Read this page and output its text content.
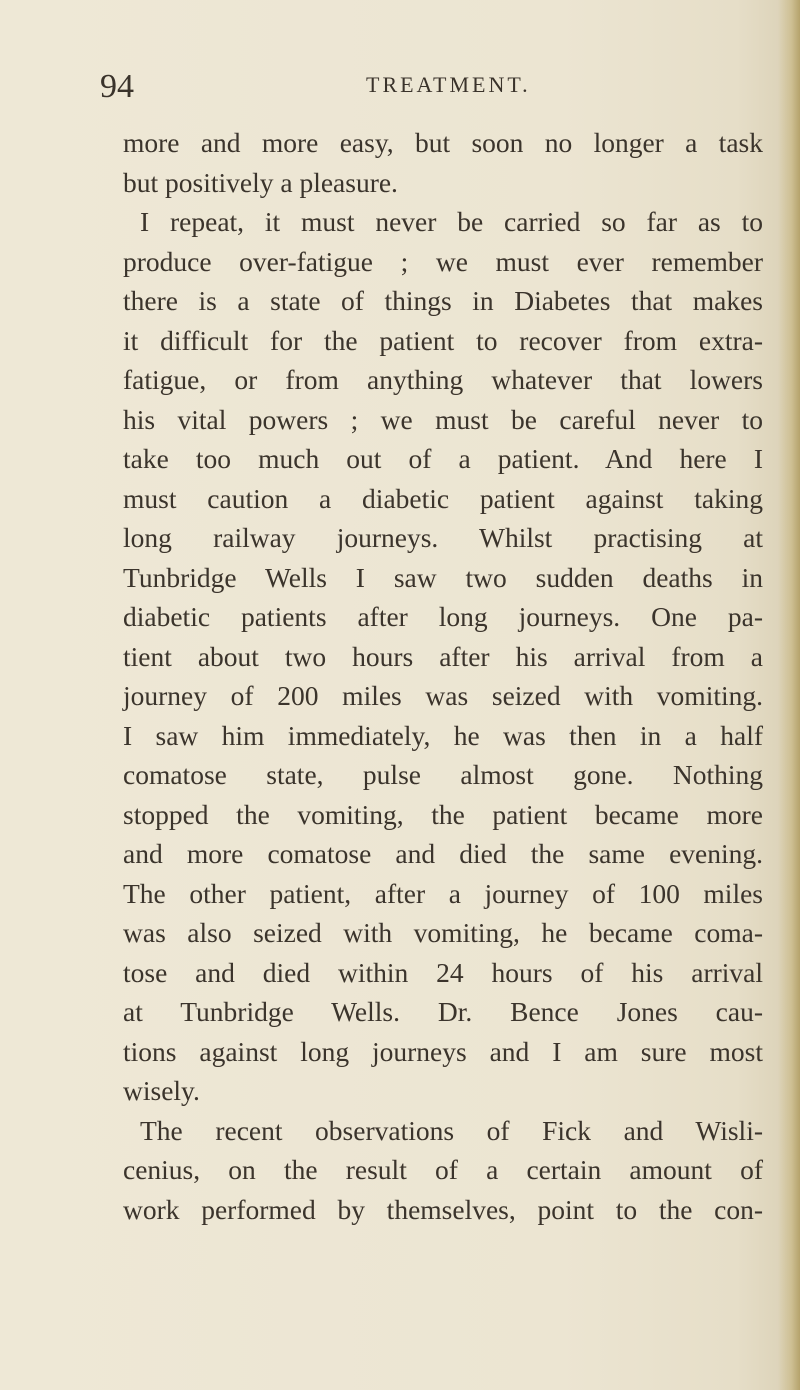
94	TREATMENT.
more and more easy, but soon no longer a task
but positively a pleasure.
I repeat, it must never be carried so far as to
produce over-fatigue ; we must ever remember
there is a state of things in Diabetes that makes
it difficult for the patient to recover from extra-
fatigue, or from anything whatever that lowers
his vital powers ; we must be careful never to
take too much out of a patient. And here I
must caution a diabetic patient against taking
long railway journeys. Whilst practising at
Tunbridge Wells I saw two sudden deaths in
diabetic patients after long journeys. One pa-
tient about two hours after his arrival from a
journey of 200 miles was seized with vomiting.
I saw him immediately, he was then in a half
comatose state, pulse almost gone. Nothing
stopped the vomiting, the patient became more
and more comatose and died the same evening.
The other patient, after a journey of 100 miles
was also seized with vomiting, he became coma-
tose and died within 24 hours of his arrival
at Tunbridge Wells. Dr. Bence Jones cau-
tions against long journeys and I am sure most
wisely.
The recent observations of Fick and Wisli-
cenius, on the result of a certain amount of
work performed by themselves, point to the con-
